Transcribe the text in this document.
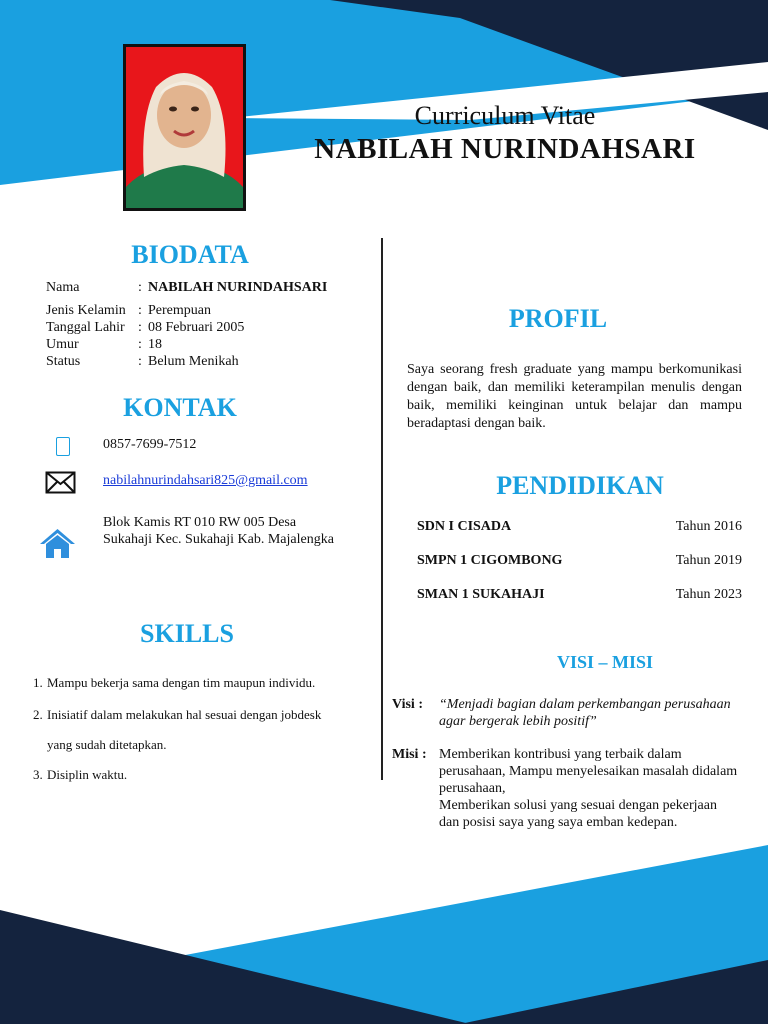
Curriculum Vitae
NABILAH NURINDAHSARI
BIODATA
Nama	: NABILAH NURINDAHSARI
Jenis Kelamin : Perempuan
Tanggal Lahir : 08 Februari 2005
Umur	: 18
Status	: Belum Menikah
KONTAK
0857-7699-7512
nabilahnurindahsari825@gmail.com
Blok Kamis RT 010 RW 005 Desa Sukahaji Kec. Sukahaji Kab. Majalengka
SKILLS
1. Mampu bekerja sama dengan tim maupun individu.
2. Inisiatif dalam melakukan hal sesuai dengan jobdesk
yang sudah ditetapkan.
3. Disiplin waktu.
PROFIL
Saya seorang fresh graduate yang mampu berkomunikasi dengan baik, dan memiliki keterampilan menulis dengan baik, memiliki keinginan untuk belajar dan mampu beradaptasi dengan baik.
PENDIDIKAN
SDN I CISADA	Tahun 2016
SMPN 1 CIGOMBONG	Tahun 2019
SMAN 1 SUKAHAJI	Tahun 2023
VISI – MISI
Visi : “Menjadi bagian dalam perkembangan perusahaan agar bergerak lebih positif”
Misi : Memberikan kontribusi yang terbaik dalam perusahaan, Mampu menyelesaikan masalah didalam perusahaan,
Memberikan solusi yang sesuai dengan pekerjaan dan posisi saya yang saya emban kedepan.
